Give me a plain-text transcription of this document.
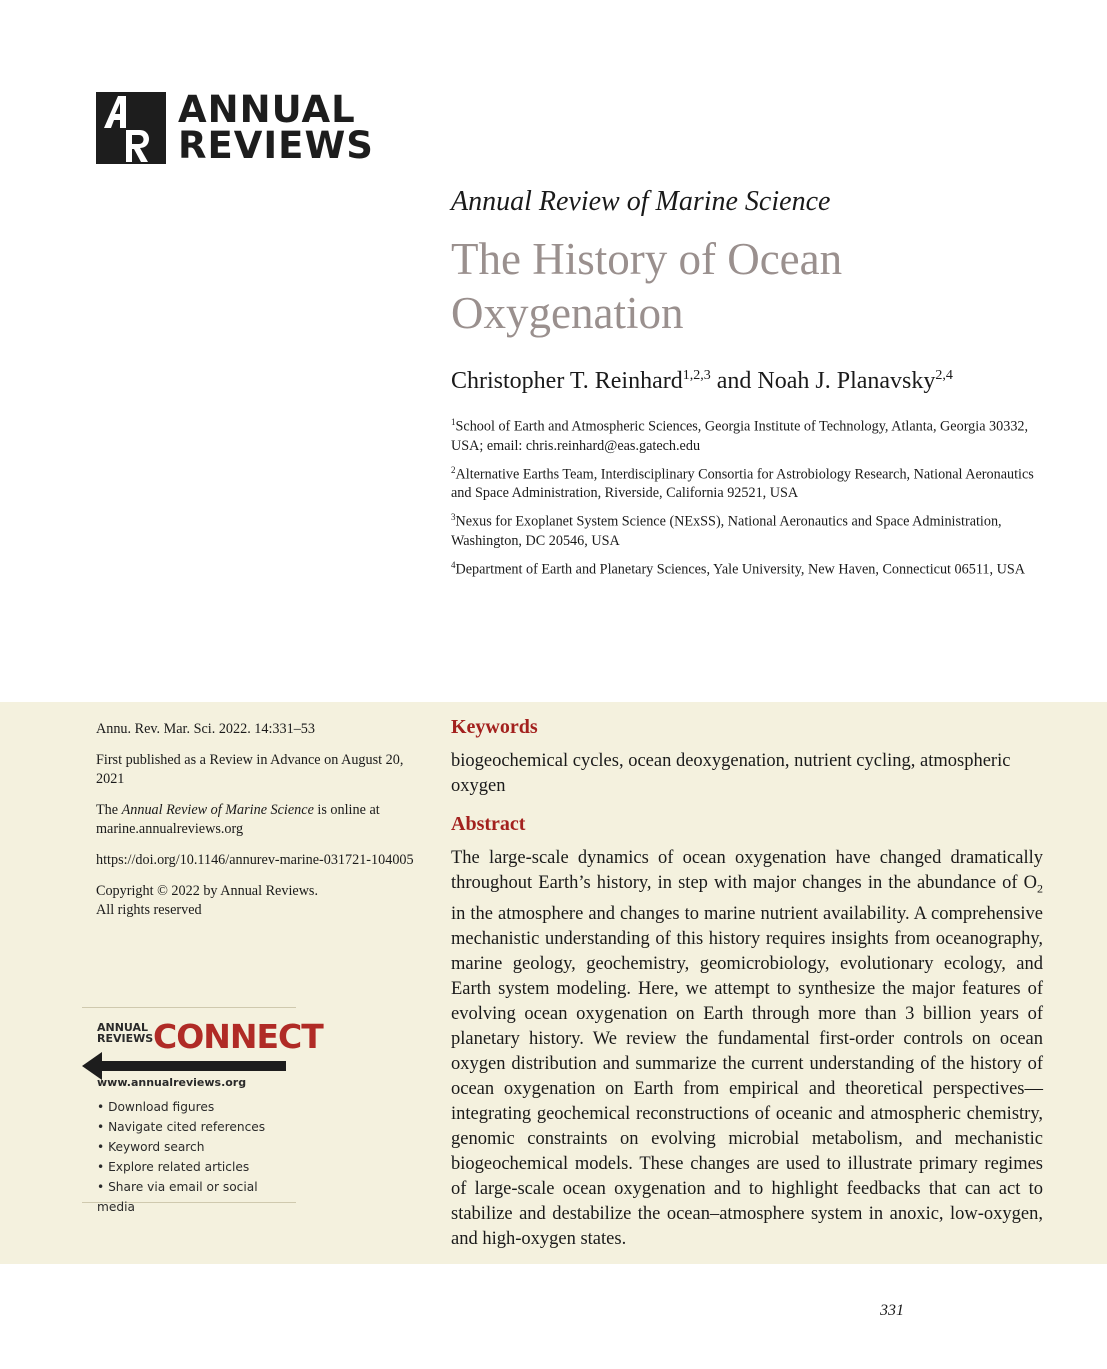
ANNUAL
REVIEWS
Annual Review of Marine Science
The History of Ocean Oxygenation
Christopher T. Reinhard$^{1,2,3}$ and Noah J. Planavsky$^{2,4}$
$^1$School of Earth and Atmospheric Sciences, Georgia Institute of Technology, Atlanta, Georgia 30332, USA; email: chris.reinhard@eas.gatech.edu
$^2$Alternative Earths Team, Interdisciplinary Consortia for Astrobiology Research, National Aeronautics and Space Administration, Riverside, California 92521, USA
$^3$Nexus for Exoplanet System Science (NExSS), National Aeronautics and Space Administration, Washington, DC 20546, USA
$^4$Department of Earth and Planetary Sciences, Yale University, New Haven, Connecticut 06511, USA

Annu. Rev. Mar. Sci. 2022. 14:331–53

First published as a Review in Advance on August 20, 2021

The Annual Review of Marine Science is online at marine.annualreviews.org

https://doi.org/10.1146/annurev-marine-031721-104005

Copyright © 2022 by Annual Reviews.
All rights reserved

ANNUAL
REVIEWS CONNECT
www.annualreviews.org
• Download figures
• Navigate cited references
• Keyword search
• Explore related articles
• Share via email or social media
Keywords

biogeochemical cycles, ocean deoxygenation, nutrient cycling, atmospheric oxygen

Abstract

The large-scale dynamics of ocean oxygenation have changed dramatically throughout Earth’s history, in step with major changes in the abundance of $O_2$ in the atmosphere and changes to marine nutrient availability. A comprehensive mechanistic understanding of this history requires insights from oceanography, marine geology, geochemistry, geomicrobiology, evolutionary ecology, and Earth system modeling. Here, we attempt to synthesize the major features of evolving ocean oxygenation on Earth through more than 3 billion years of planetary history. We review the fundamental first-order controls on ocean oxygen distribution and summarize the current understanding of the history of ocean oxygenation on Earth from empirical and theoretical perspectives—integrating geochemical reconstructions of oceanic and atmospheric chemistry, genomic constraints on evolving microbial metabolism, and mechanistic biogeochemical models. These changes are used to illustrate primary regimes of large-scale ocean oxygenation and to highlight feedbacks that can act to stabilize and destabilize the ocean–atmosphere system in anoxic, low-oxygen, and high-oxygen states.

331
